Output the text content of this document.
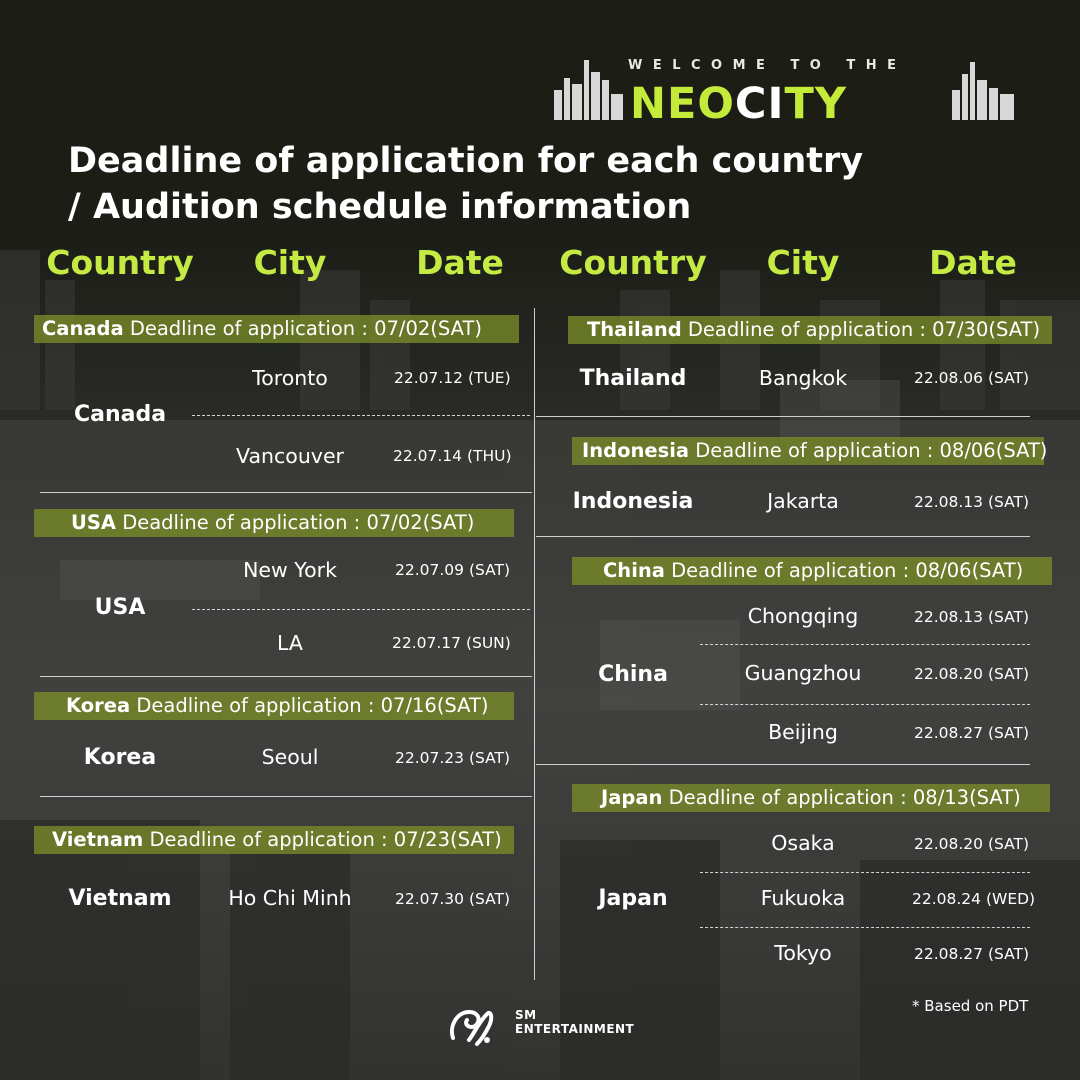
WELCOME TO THE
NEOCITY
Deadline of application for each country
/ Audition schedule information
Country	City	Date	Country	City	Date
Canada Deadline of application : 07/02(SAT)
Canada
Toronto	22.07.12 (TUE)
Vancouver	22.07.14 (THU)
USA Deadline of application : 07/02(SAT)
USA
New York	22.07.09 (SAT)
LA	22.07.17 (SUN)
Korea Deadline of application : 07/16(SAT)
Korea	Seoul	22.07.23 (SAT)
Vietnam Deadline of application : 07/23(SAT)
Vietnam	Ho Chi Minh	22.07.30 (SAT)
Thailand Deadline of application : 07/30(SAT)
Thailand	Bangkok	22.08.06 (SAT)
Indonesia Deadline of application : 08/06(SAT)
Indonesia	Jakarta	22.08.13 (SAT)
China Deadline of application : 08/06(SAT)
China
Chongqing	22.08.13 (SAT)
Guangzhou	22.08.20 (SAT)
Beijing	22.08.27 (SAT)
Japan Deadline of application : 08/13(SAT)
Japan
Osaka	22.08.20 (SAT)
Fukuoka	22.08.24 (WED)
Tokyo	22.08.27 (SAT)
* Based on PDT
SM
ENTERTAINMENT
